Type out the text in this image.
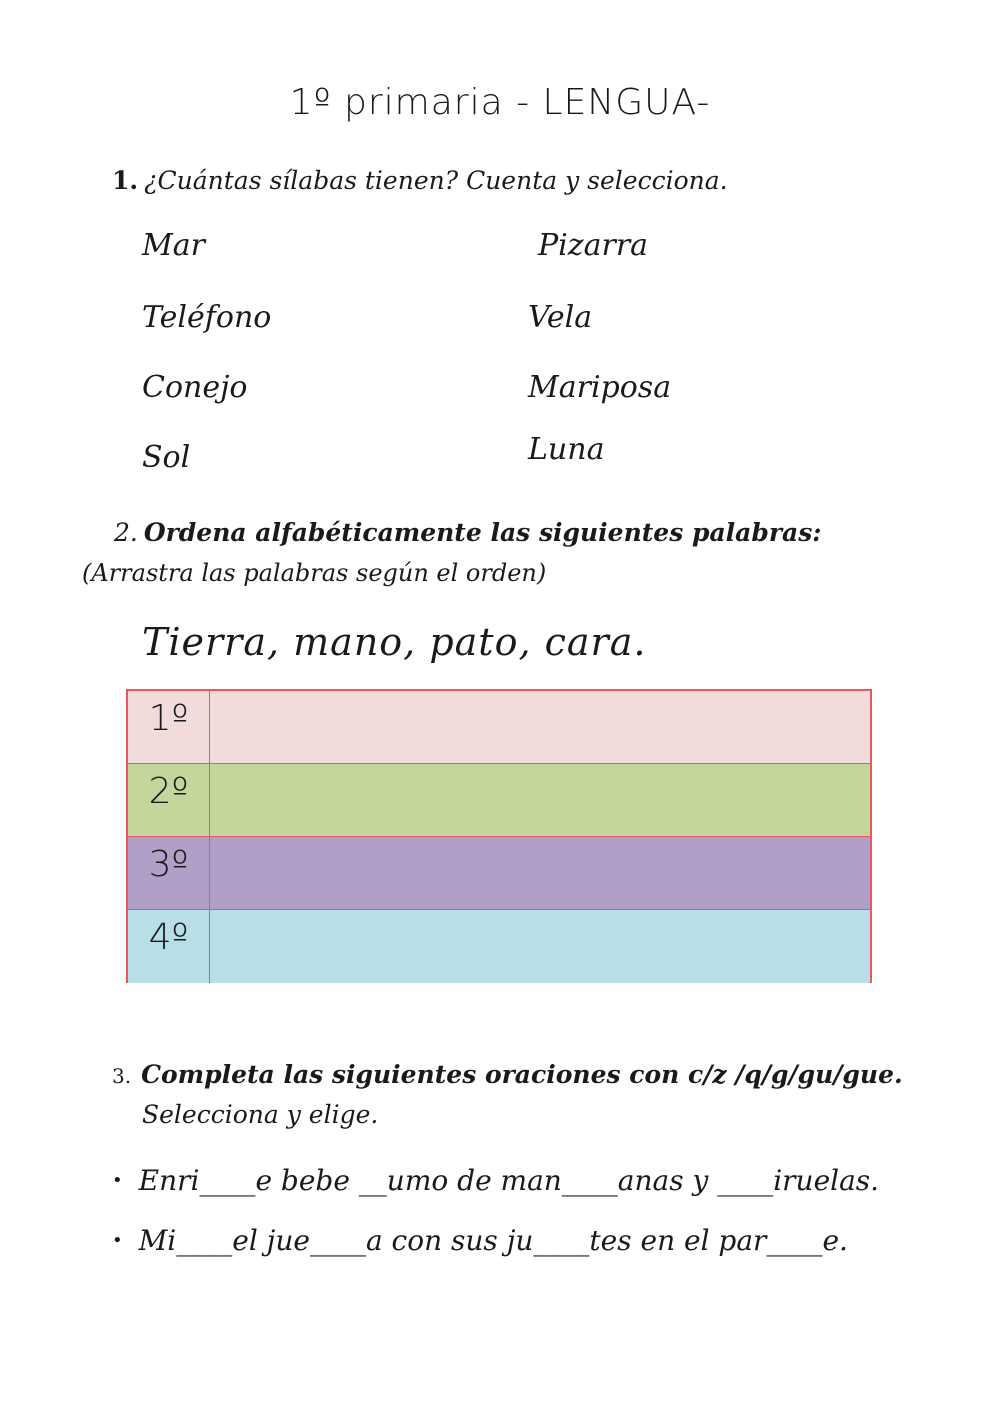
1º primaria - LENGUA-
1. ¿Cuántas sílabas tienen? Cuenta y selecciona.
Mar
Teléfono
Conejo
Sol
Pizarra
Vela
Mariposa
Luna
2. Ordena alfabéticamente las siguientes palabras:
(Arrastra las palabras según el orden)
Tierra, mano, pato, cara.
1º
2º
3º
4º
3. Completa las siguientes oraciones con c/z /q/g/gu/gue.
Selecciona y elige.
• Enri____e bebe __umo de man____anas y ____iruelas.
• Mi____el jue____a con sus ju____tes en el par____e.
